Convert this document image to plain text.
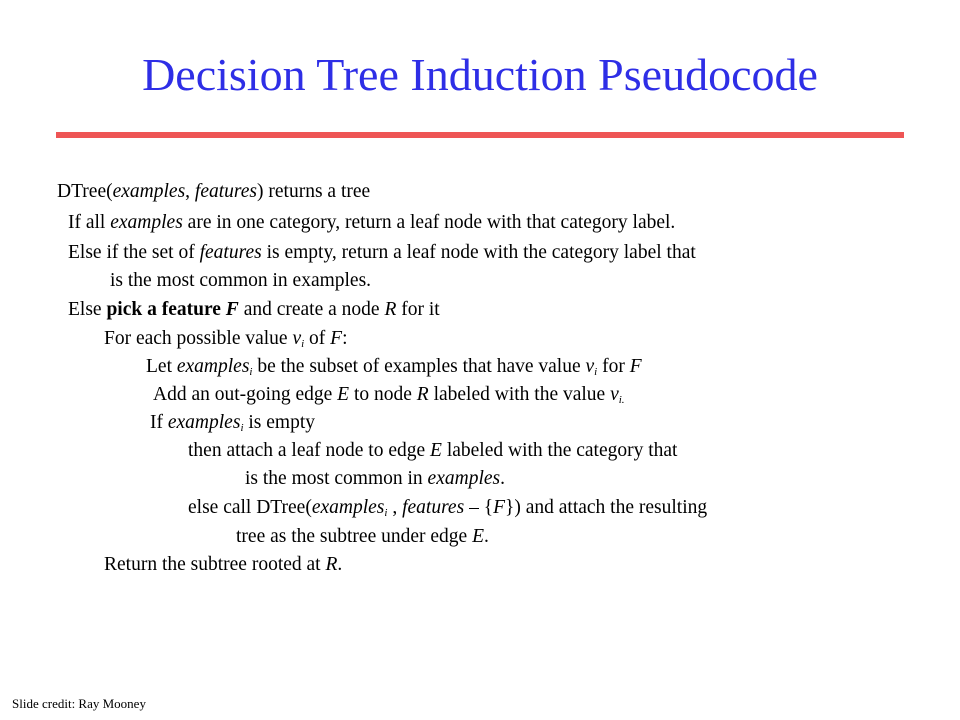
Decision Tree Induction Pseudocode
DTree(examples, features) returns a tree
If all examples are in one category, return a leaf node with that category label.
Else if the set of features is empty, return a leaf node with the category label that
is the most common in examples.
Else pick a feature F and create a node R for it
For each possible value $v_i$ of F:
Let examples$_i$ be the subset of examples that have value $v_i$ for F
Add an out-going edge E to node R labeled with the value $v_{i.}$
If examples$_i$ is empty
then attach a leaf node to edge E labeled with the category that
is the most common in examples.
else call DTree(examples$_i$ , features – {F}) and attach the resulting
tree as the subtree under edge E.
Return the subtree rooted at R.
Slide credit: Ray Mooney
